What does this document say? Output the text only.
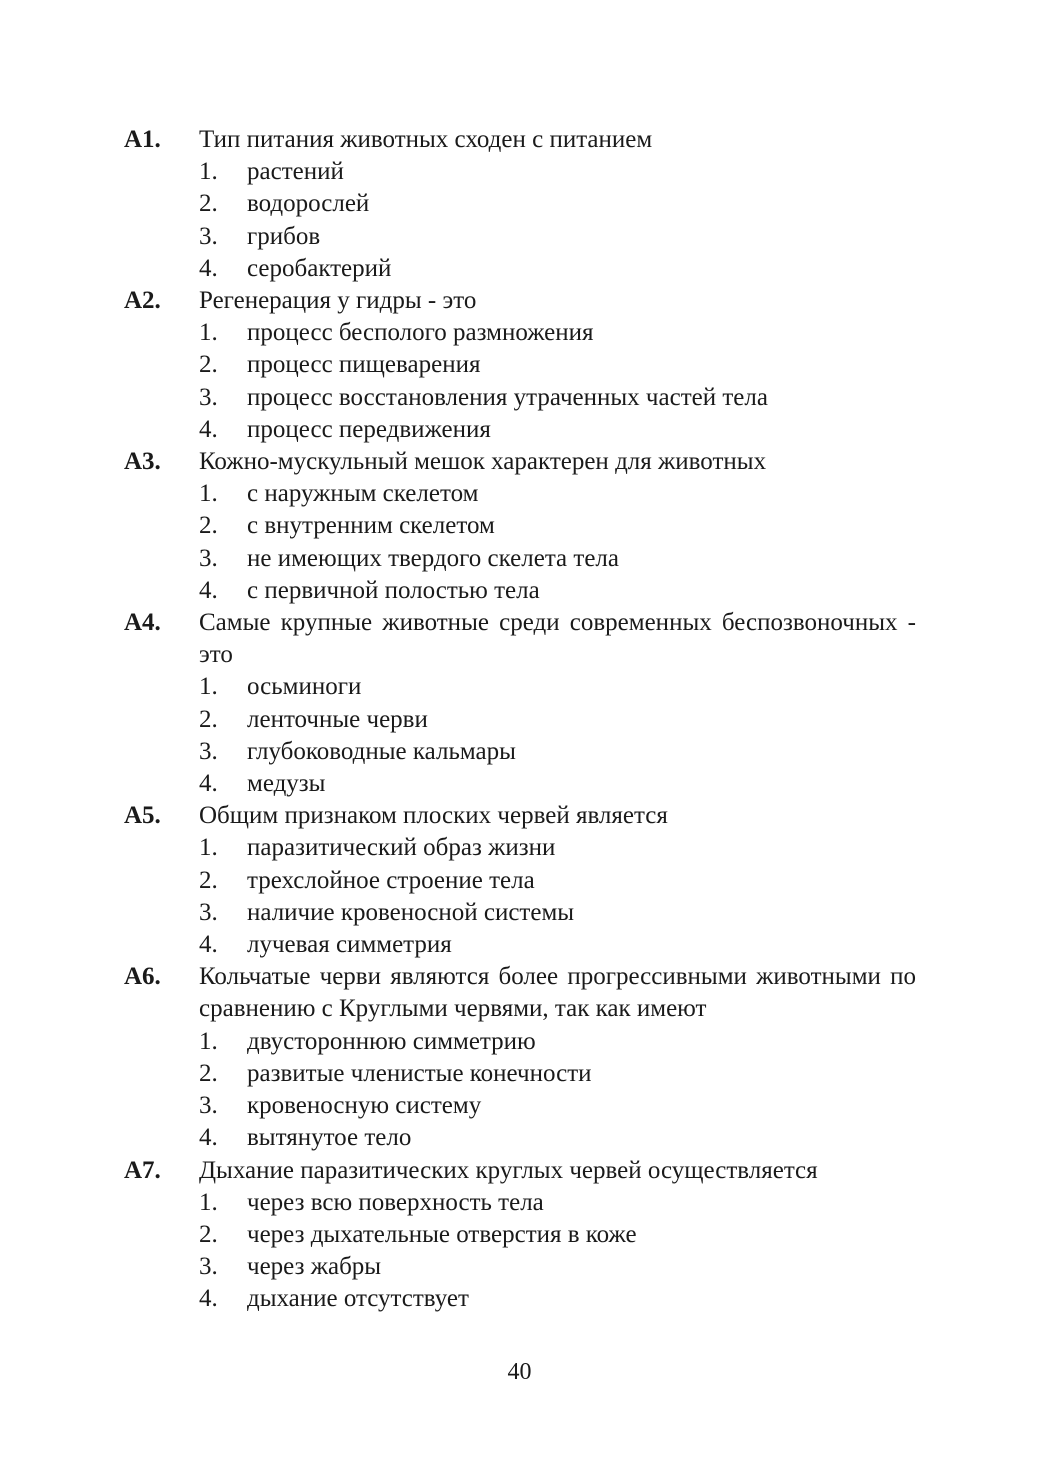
A1. Тип питания животных сходен с питанием
1. растений
2. водорослей
3. грибов
4. серобактерий
A2. Регенерация у гидры - это
1. процесс бесполого размножения
2. процесс пищеварения
3. процесс восстановления утраченных частей тела
4. процесс передвижения
A3. Кожно-мускульный мешок характерен для животных
1. с наружным скелетом
2. с внутренним скелетом
3. не имеющих твердого скелета тела
4. с первичной полостью тела
A4. Самые крупные животные среди современных беспозвоночных - это
1. осьминоги
2. ленточные черви
3. глубоководные кальмары
4. медузы
A5. Общим признаком плоских червей является
1. паразитический образ жизни
2. трехслойное строение тела
3. наличие кровеносной системы
4. лучевая симметрия
A6. Кольчатые черви являются более прогрессивными животными по сравнению с Круглыми червями, так как имеют
1. двустороннюю симметрию
2. развитые членистые конечности
3. кровеносную систему
4. вытянутое тело
A7. Дыхание паразитических круглых червей осуществляется
1. через всю поверхность тела
2. через дыхательные отверстия в коже
3. через жабры
4. дыхание отсутствует
40
